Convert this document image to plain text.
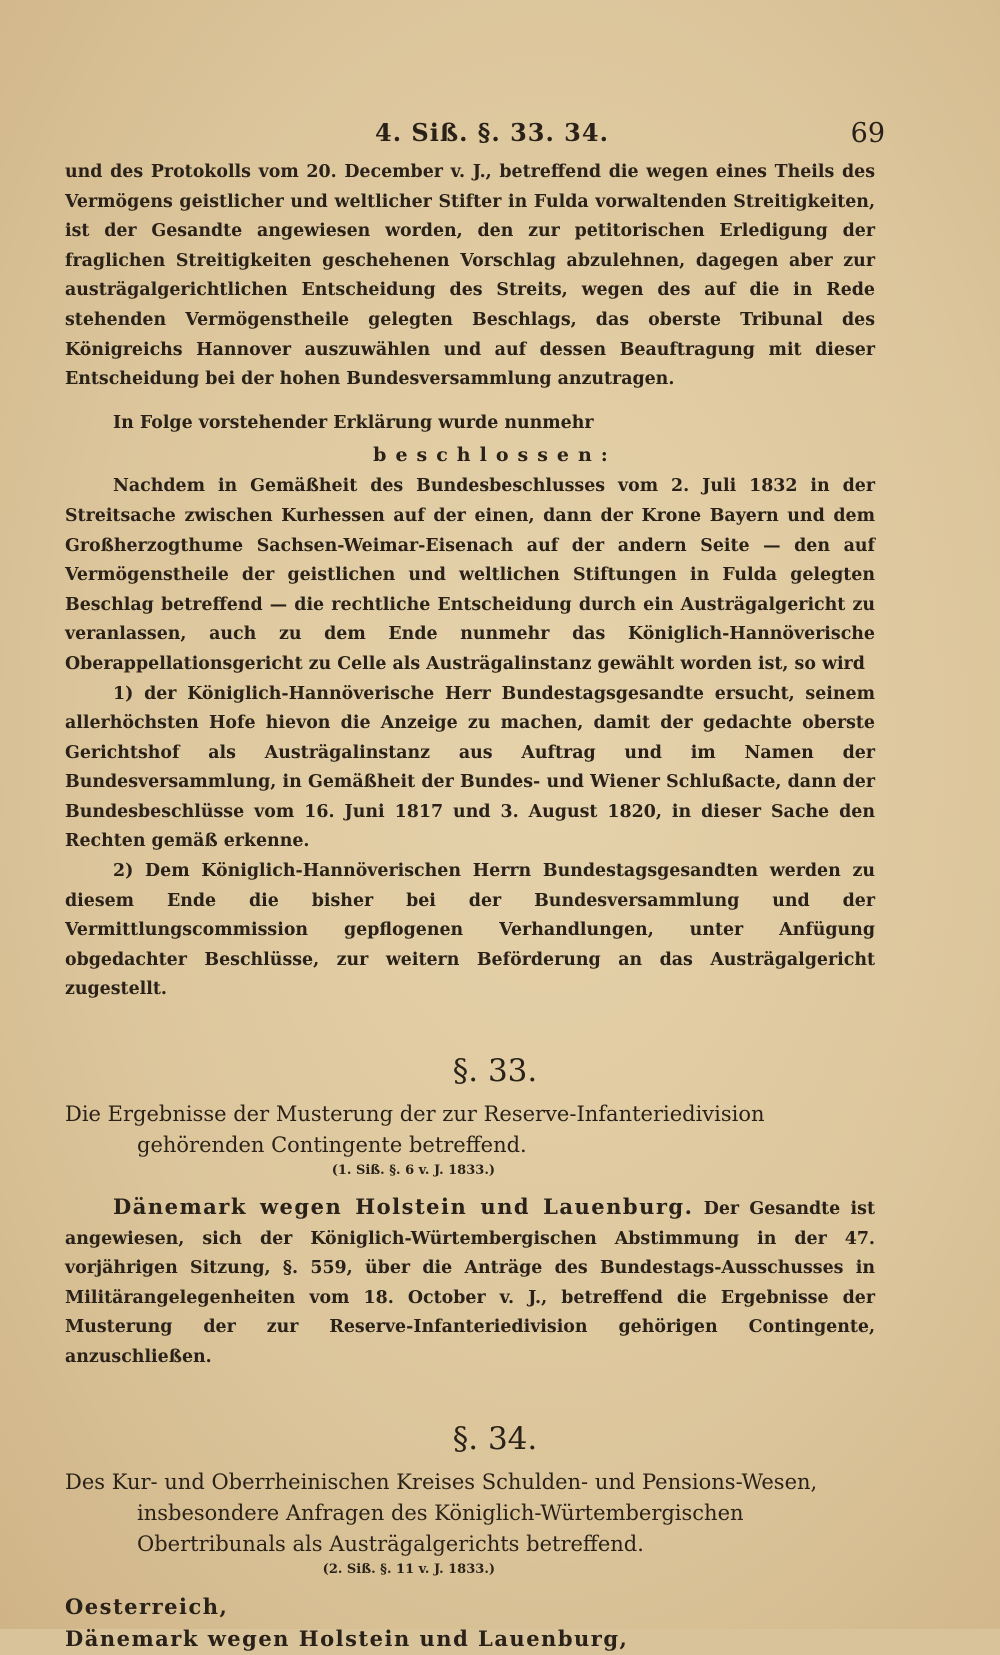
4. Siß. §. 33. 34.	69

und des Protokolls vom 20. December v. J., betreffend die wegen eines Theils des Vermögens geistlicher und weltlicher Stifter in Fulda vorwaltenden Streitigkeiten, ist der Gesandte angewiesen worden, den zur petitorischen Erledigung der fraglichen Streitigkeiten geschehenen Vorschlag abzulehnen, dagegen aber zur austrägalgerichtlichen Entscheidung des Streits, wegen des auf die in Rede stehenden Vermögenstheile gelegten Beschlags, das oberste Tribunal des Königreichs Hannover auszuwählen und auf dessen Beauftragung mit dieser Entscheidung bei der hohen Bundesversammlung anzutragen.

In Folge vorstehender Erklärung wurde nunmehr

beschlossen:

Nachdem in Gemäßheit des Bundesbeschlusses vom 2. Juli 1832 in der Streitsache zwischen Kurhessen auf der einen, dann der Krone Bayern und dem Großherzogthume Sachsen-Weimar-Eisenach auf der andern Seite — den auf Vermögenstheile der geistlichen und weltlichen Stiftungen in Fulda gelegten Beschlag betreffend — die rechtliche Entscheidung durch ein Austrägalgericht zu veranlassen, auch zu dem Ende nunmehr das Königlich-Hannöverische Oberappellationsgericht zu Celle als Austrägalinstanz gewählt worden ist, so wird

1) der Königlich-Hannöverische Herr Bundestagsgesandte ersucht, seinem allerhöchsten Hofe hievon die Anzeige zu machen, damit der gedachte oberste Gerichtshof als Austrägalinstanz aus Auftrag und im Namen der Bundesversammlung, in Gemäßheit der Bundes- und Wiener Schlußacte, dann der Bundesbeschlüsse vom 16. Juni 1817 und 3. August 1820, in dieser Sache den Rechten gemäß erkenne.

2) Dem Königlich-Hannöverischen Herrn Bundestagsgesandten werden zu diesem Ende die bisher bei der Bundesversammlung und der Vermittlungscommission gepflogenen Verhandlungen, unter Anfügung obgedachter Beschlüsse, zur weitern Beförderung an das Austrägalgericht zugestellt.

§. 33.

Die Ergebnisse der Musterung der zur Reserve-Infanteriedivision gehörenden Contingente betreffend.

(1. Siß. §. 6 v. J. 1833.)

Dänemark wegen Holstein und Lauenburg. Der Gesandte ist angewiesen, sich der Königlich-Würtembergischen Abstimmung in der 47. vorjährigen Sitzung, §. 559, über die Anträge des Bundestags-Ausschusses in Militärangelegenheiten vom 18. October v. J., betreffend die Ergebnisse der Musterung der zur Reserve-Infanteriedivision gehörigen Contingente, anzuschließen.

§. 34.

Des Kur- und Oberrheinischen Kreises Schulden- und Pensions-Wesen, insbesondere Anfragen des Königlich-Würtembergischen Obertribunals als Austrägalgerichts betreffend.

(2. Siß. §. 11 v. J. 1833.)

Oesterreich,

Dänemark wegen Holstein und Lauenburg,
